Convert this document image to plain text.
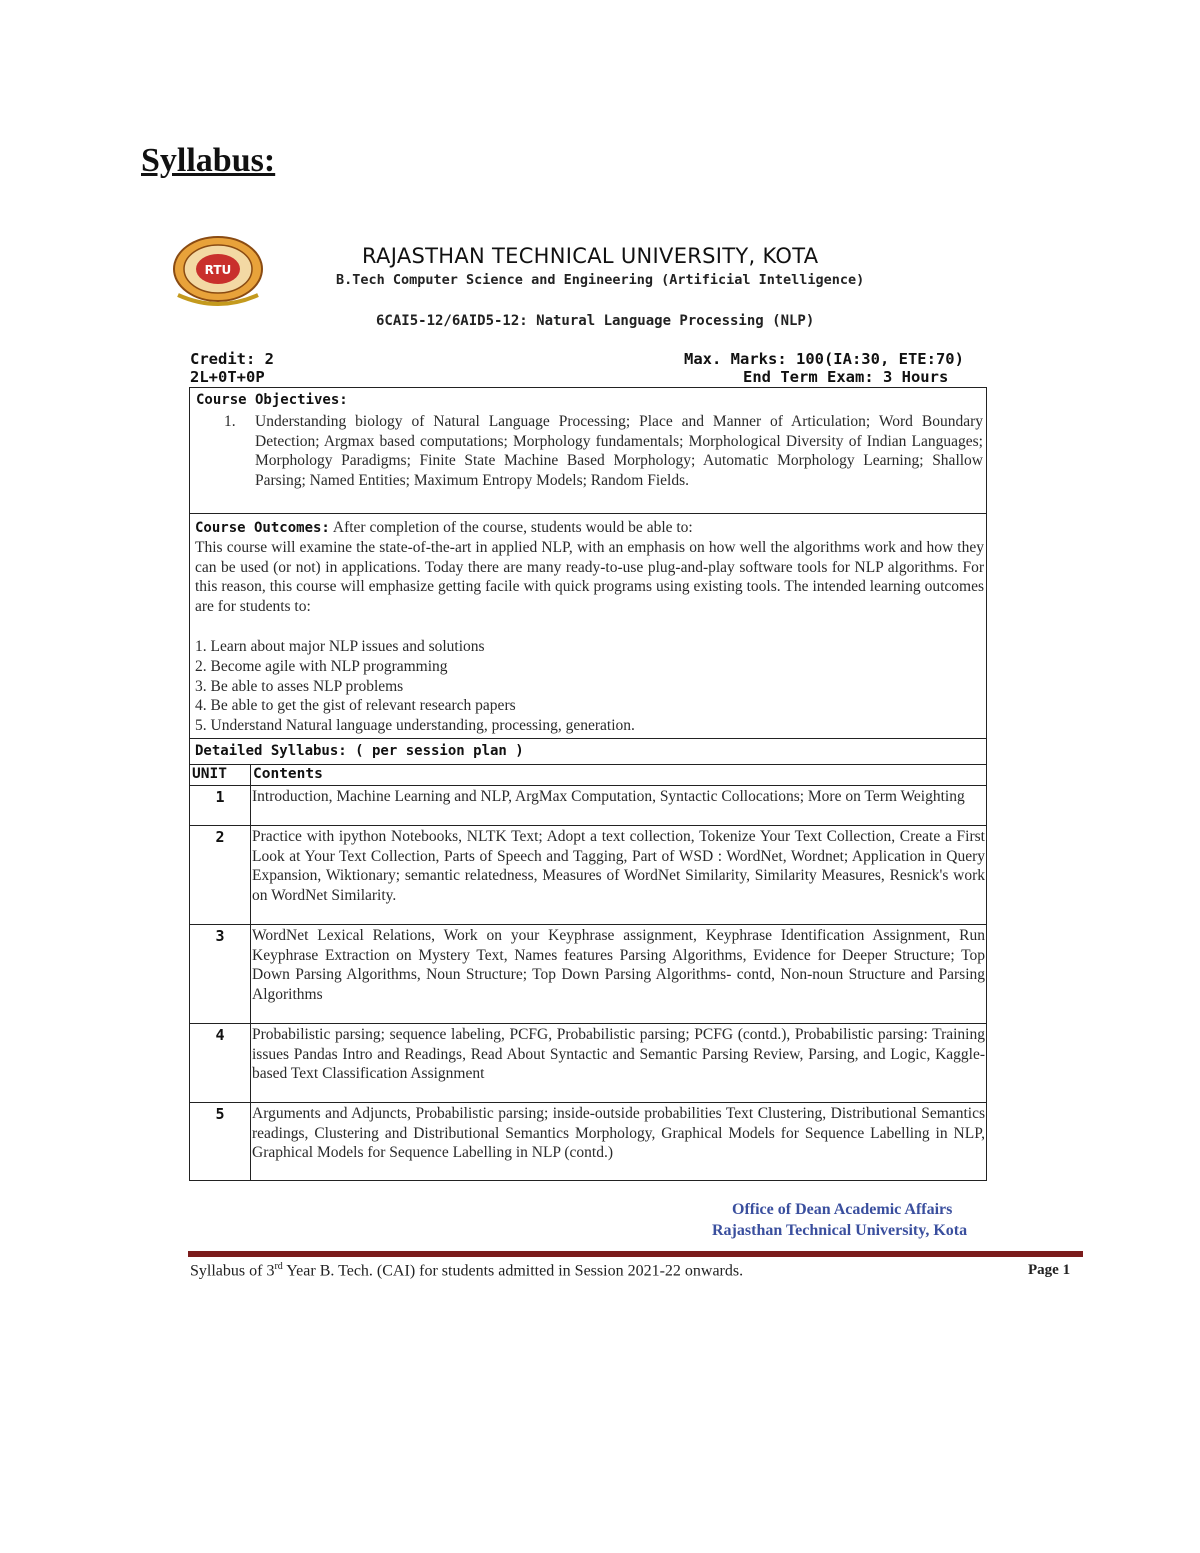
Syllabus:
RTU
RAJASTHAN TECHNICAL UNIVERSITY, KOTA
B.Tech Computer Science and Engineering (Artificial Intelligence)
6CAI5-12/6AID5-12: Natural Language Processing (NLP)
Credit: 2
2L+0T+0P
Max. Marks: 100(IA:30, ETE:70)
End Term Exam: 3 Hours
Course Objectives:
1. Understanding biology of Natural Language Processing; Place and Manner of Articulation; Word Boundary Detection; Argmax based computations; Morphology fundamentals; Morphological Diversity of Indian Languages; Morphology Paradigms; Finite State Machine Based Morphology; Automatic Morphology Learning; Shallow Parsing; Named Entities; Maximum Entropy Models; Random Fields.
Course Outcomes: After completion of the course, students would be able to:
This course will examine the state-of-the-art in applied NLP, with an emphasis on how well the algorithms work and how they can be used (or not) in applications. Today there are many ready-to-use plug-and-play software tools for NLP algorithms. For this reason, this course will emphasize getting facile with quick programs using existing tools. The intended learning outcomes are for students to:
1. Learn about major NLP issues and solutions
2. Become agile with NLP programming
3. Be able to asses NLP problems
4. Be able to get the gist of relevant research papers
5. Understand Natural language understanding, processing, generation.
Detailed Syllabus: ( per session plan )
UNIT Contents
1	Introduction, Machine Learning and NLP, ArgMax Computation, Syntactic Collocations; More on Term Weighting
2	Practice with ipython Notebooks, NLTK Text; Adopt a text collection, Tokenize Your Text Collection, Create a First Look at Your Text Collection, Parts of Speech and Tagging, Part of WSD : WordNet, Wordnet; Application in Query Expansion, Wiktionary; semantic relatedness, Measures of WordNet Similarity, Similarity Measures, Resnick's work on WordNet Similarity.
3	WordNet Lexical Relations, Work on your Keyphrase assignment, Keyphrase Identification Assignment, Run Keyphrase Extraction on Mystery Text, Names features Parsing Algorithms, Evidence for Deeper Structure; Top Down Parsing Algorithms, Noun Structure; Top Down Parsing Algorithms- contd, Non-noun Structure and Parsing Algorithms
4	Probabilistic parsing; sequence labeling, PCFG, Probabilistic parsing; PCFG (contd.), Probabilistic parsing: Training issues Pandas Intro and Readings, Read About Syntactic and Semantic Parsing Review, Parsing, and Logic, Kaggle-based Text Classification Assignment
5	Arguments and Adjuncts, Probabilistic parsing; inside-outside probabilities Text Clustering, Distributional Semantics readings, Clustering and Distributional Semantics Morphology, Graphical Models for Sequence Labelling in NLP, Graphical Models for Sequence Labelling in NLP (contd.)
Office of Dean Academic Affairs
Rajasthan Technical University, Kota
Syllabus of 3rd Year B. Tech. (CAI) for students admitted in Session 2021-22 onwards.	Page 1
